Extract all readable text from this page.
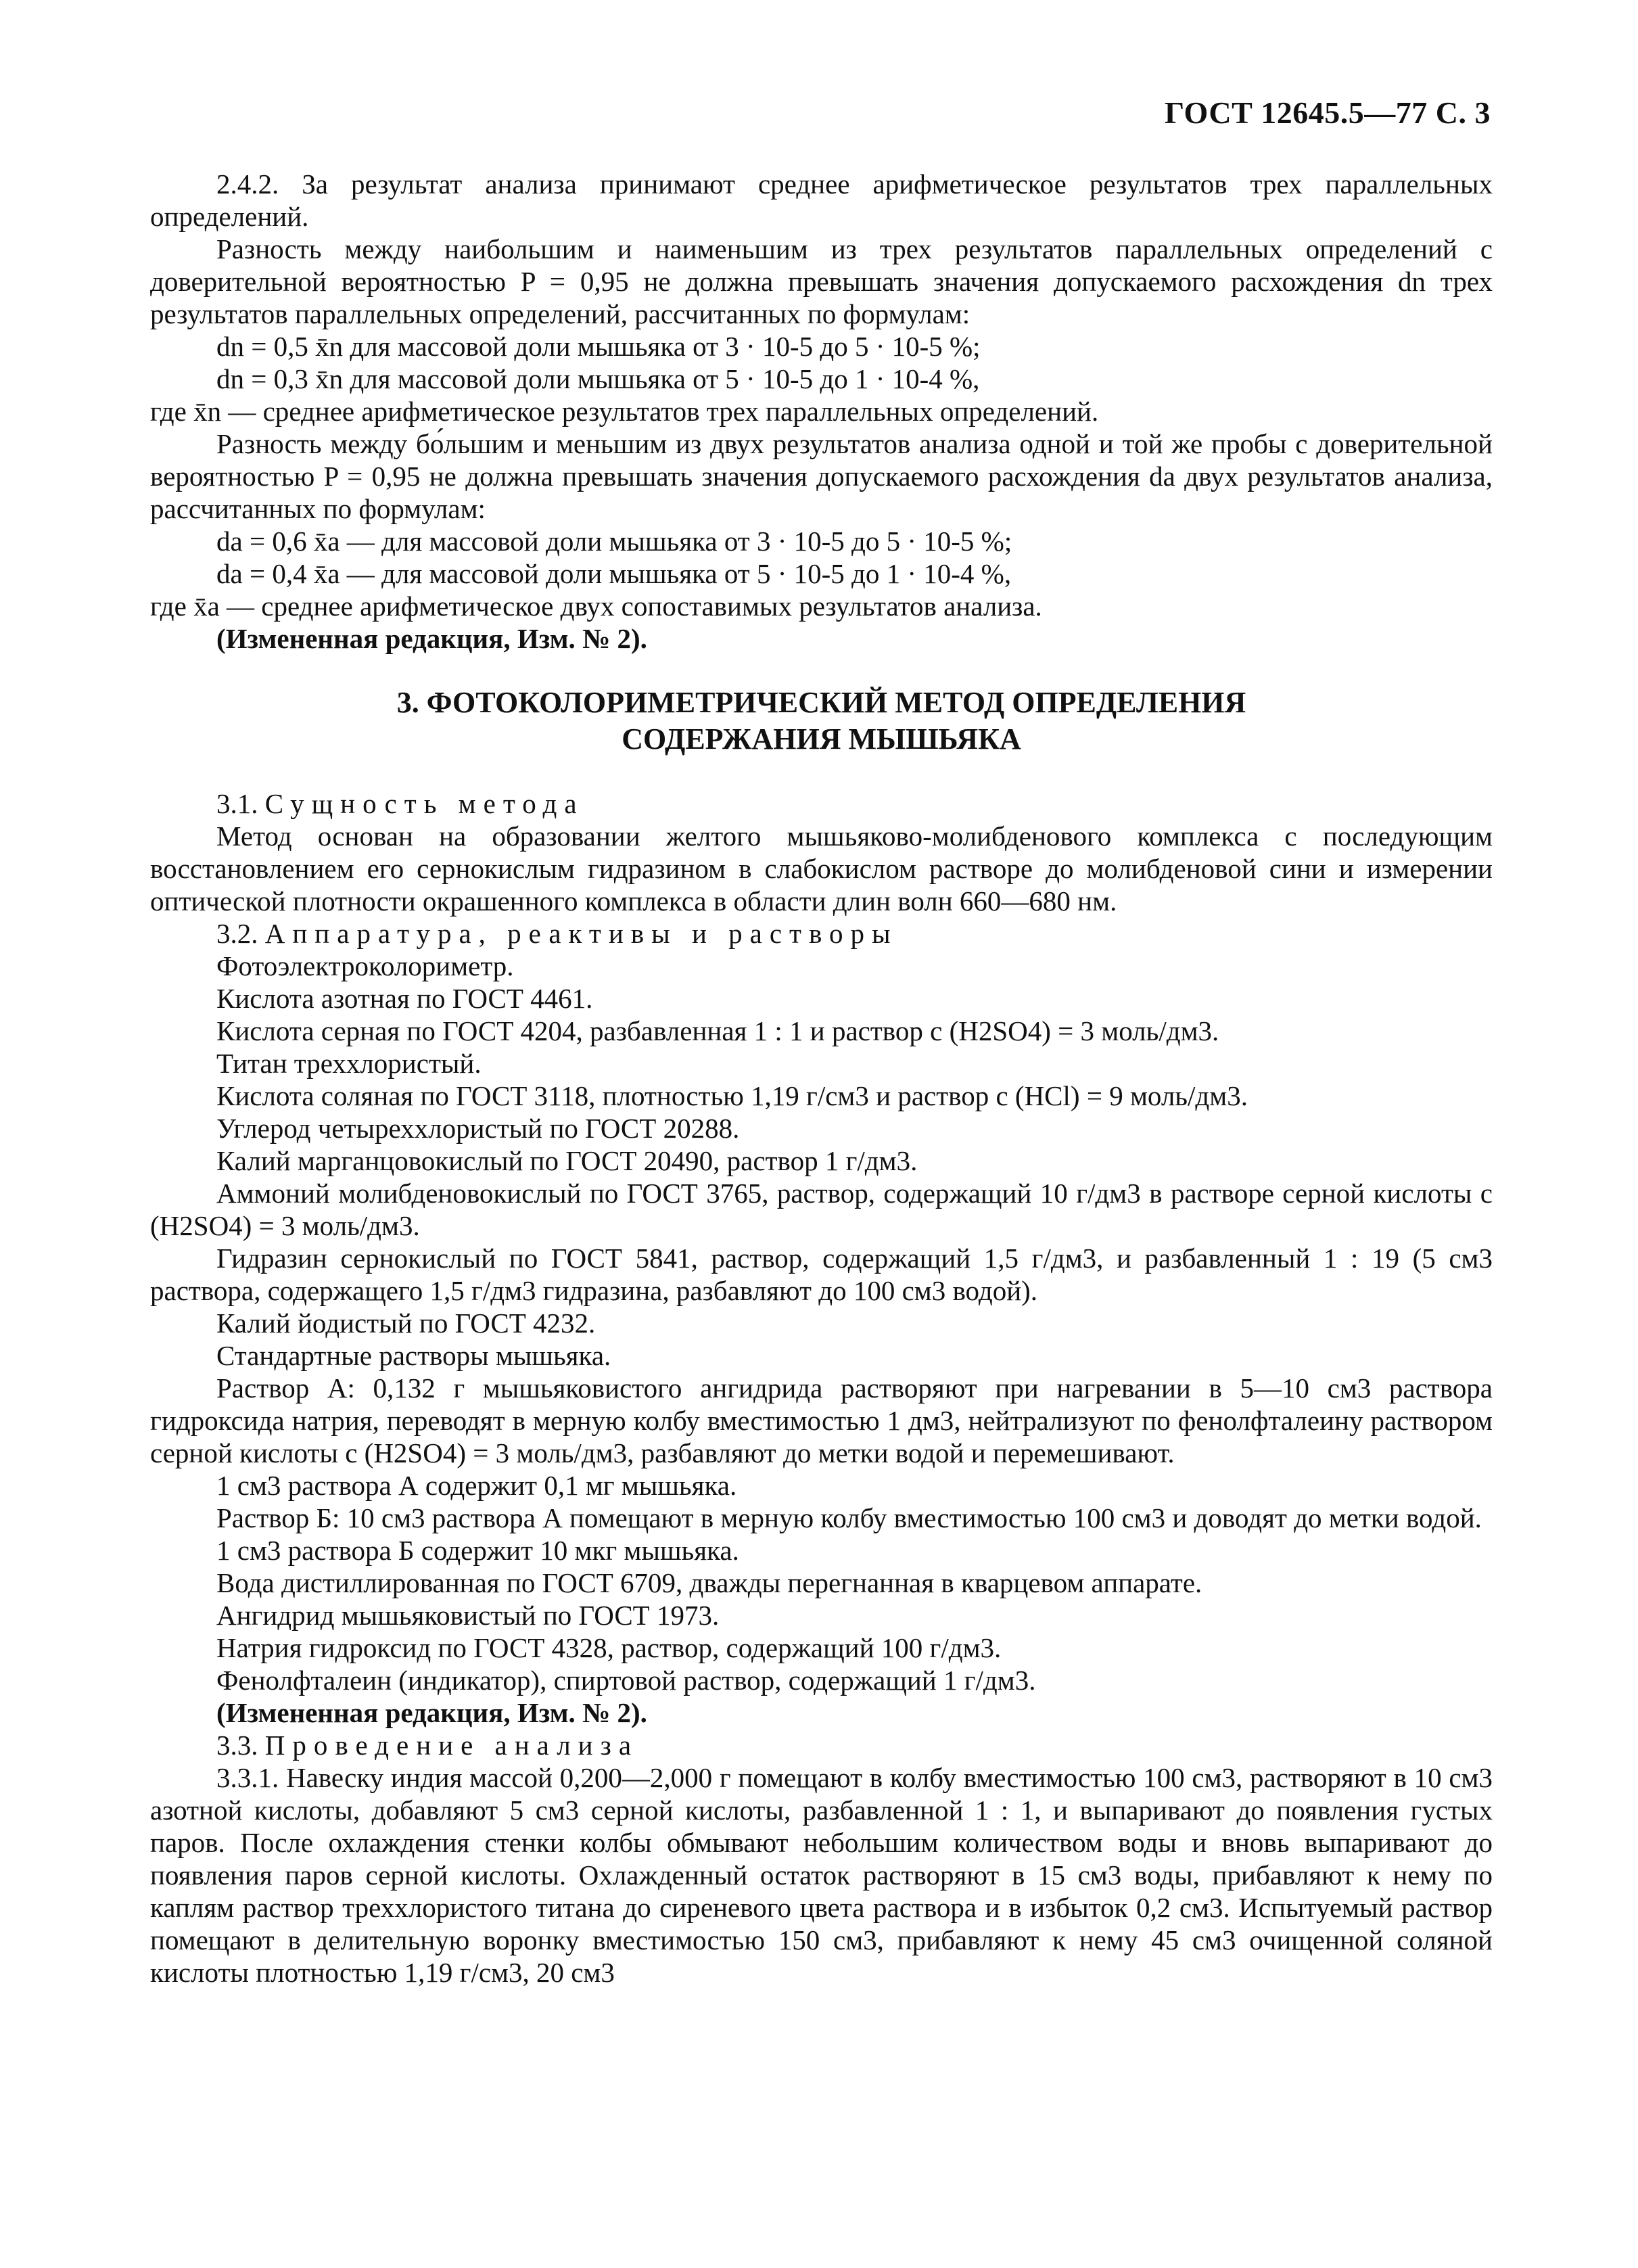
ГОСТ 12645.5—77 С. 3

2.4.2. За результат анализа принимают среднее арифметическое результатов трех параллельных определений.

Разность между наибольшим и наименьшим из трех результатов параллельных определений с доверительной вероятностью P = 0,95 не должна превышать значения допускаемого расхождения dn трех результатов параллельных определений, рассчитанных по формулам:

dn = 0,5 x̄n для массовой доли мышьяка от 3 · 10-5 до 5 · 10-5 %;

dn = 0,3 x̄n для массовой доли мышьяка от 5 · 10-5 до 1 · 10-4 %,

где x̄n — среднее арифметическое результатов трех параллельных определений.

Разность между бо́льшим и меньшим из двух результатов анализа одной и той же пробы с доверительной вероятностью P = 0,95 не должна превышать значения допускаемого расхождения da двух результатов анализа, рассчитанных по формулам:

da = 0,6 x̄a — для массовой доли мышьяка от 3 · 10-5 до 5 · 10-5 %;

da = 0,4 x̄a — для массовой доли мышьяка от 5 · 10-5 до 1 · 10-4 %,

где x̄a — среднее арифметическое двух сопоставимых результатов анализа.

(Измененная редакция, Изм. № 2).

3. ФОТОКОЛОРИМЕТРИЧЕСКИЙ МЕТОД ОПРЕДЕЛЕНИЯ
СОДЕРЖАНИЯ МЫШЬЯКА

3.1. Сущность метода

Метод основан на образовании желтого мышьяково-молибденового комплекса с последующим восстановлением его сернокислым гидразином в слабокислом растворе до молибденовой сини и измерении оптической плотности окрашенного комплекса в области длин волн 660—680 нм.

3.2. Аппаратура, реактивы и растворы

Фотоэлектроколориметр.

Кислота азотная по ГОСТ 4461.

Кислота серная по ГОСТ 4204, разбавленная 1 : 1 и раствор c (H2SO4) = 3 моль/дм3.

Титан треххлористый.

Кислота соляная по ГОСТ 3118, плотностью 1,19 г/см3 и раствор c (HCl) = 9 моль/дм3.

Углерод четыреххлористый по ГОСТ 20288.

Калий марганцовокислый по ГОСТ 20490, раствор 1 г/дм3.

Аммоний молибденовокислый по ГОСТ 3765, раствор, содержащий 10 г/дм3 в растворе серной кислоты c (H2SO4) = 3 моль/дм3.

Гидразин сернокислый по ГОСТ 5841, раствор, содержащий 1,5 г/дм3, и разбавленный 1 : 19 (5 см3 раствора, содержащего 1,5 г/дм3 гидразина, разбавляют до 100 см3 водой).

Калий йодистый по ГОСТ 4232.

Стандартные растворы мышьяка.

Раствор А: 0,132 г мышьяковистого ангидрида растворяют при нагревании в 5—10 см3 раствора гидроксида натрия, переводят в мерную колбу вместимостью 1 дм3, нейтрализуют по фенолфталеину раствором серной кислоты c (H2SO4) = 3 моль/дм3, разбавляют до метки водой и перемешивают.

1 см3 раствора А содержит 0,1 мг мышьяка.

Раствор Б: 10 см3 раствора А помещают в мерную колбу вместимостью 100 см3 и доводят до метки водой.

1 см3 раствора Б содержит 10 мкг мышьяка.

Вода дистиллированная по ГОСТ 6709, дважды перегнанная в кварцевом аппарате.

Ангидрид мышьяковистый по ГОСТ 1973.

Натрия гидроксид по ГОСТ 4328, раствор, содержащий 100 г/дм3.

Фенолфталеин (индикатор), спиртовой раствор, содержащий 1 г/дм3.

(Измененная редакция, Изм. № 2).

3.3. Проведение анализа

3.3.1. Навеску индия массой 0,200—2,000 г помещают в колбу вместимостью 100 см3, растворяют в 10 см3 азотной кислоты, добавляют 5 см3 серной кислоты, разбавленной 1 : 1, и выпаривают до появления густых паров. После охлаждения стенки колбы обмывают небольшим количеством воды и вновь выпаривают до появления паров серной кислоты. Охлажденный остаток растворяют в 15 см3 воды, прибавляют к нему по каплям раствор треххлористого титана до сиреневого цвета раствора и в избыток 0,2 см3. Испытуемый раствор помещают в делительную воронку вместимостью 150 см3, прибавляют к нему 45 см3 очищенной соляной кислоты плотностью 1,19 г/см3, 20 см3
